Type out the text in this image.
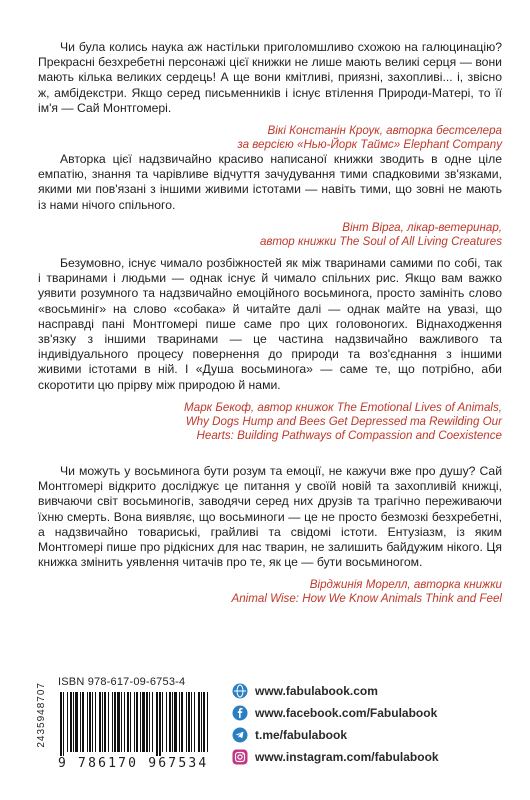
Чи була колись наука аж настільки приголомшливо схожою на галюцинацію? Прекрасні безхребетні персонажі цієї книжки не лише мають великі серця — вони мають кілька великих сердець! А ще вони кмітливі, приязні, захопливі... і, звісно ж, амбідекстри. Якщо серед письменників і існує втілення Природи-Матері, то її ім'я — Сай Монтгомері.

Вікі Констанін Кроук, авторка бестселера
за версією «Нью-Йорк Таймс» Elephant Company

Авторка цієї надзвичайно красиво написаної книжки зводить в одне ціле емпатію, знання та чарівливе відчуття зачудування тими спадковими зв'язками, якими ми пов'язані з іншими живими істотами — навіть тими, що зовні не мають із нами нічого спільного.

Вінт Вірга, лікар-ветеринар,
автор книжки The Soul of All Living Creatures

Безумовно, існує чимало розбіжностей як між тваринами самими по собі, так і тваринами і людьми — однак існує й чимало спільних рис. Якщо вам важко уявити розумного та надзвичайно емоційного восьминога, просто замініть слово «восьминіг» на слово «собака» й читайте далі — однак майте на увазі, що насправді пані Монтгомері пише саме про цих головоногих. Віднаходження зв'язку з іншими тваринами — це частина надзвичайно важливого та індивідуального процесу повернення до природи та воз'єднання з іншими живими істотами в ній. І «Душа восьминога» — саме те, що потрібно, аби скоротити цю прірву між природою й нами.

Марк Бекоф, автор книжок The Emotional Lives of Animals,
Why Dogs Hump and Bees Get Depressed та Rewilding Our
Hearts: Building Pathways of Compassion and Coexistence

Чи можуть у восьминога бути розум та емоції, не кажучи вже про душу? Сай Монтгомері відкрито досліджує це питання у своїй новій та захопливій книжці, вивчаючи світ восьминогів, заводячи серед них друзів та трагічно переживаючи їхню смерть. Вона виявляє, що восьминоги — це не просто безмозкі безхребетні, а надзвичайно товариські, грайливі та свідомі істоти. Ентузіазм, із яким Монтгомері пише про рідкісних для нас тварин, не залишить байдужим нікого. Ця книжка змінить уявлення читачів про те, як це — бути восьминогом.

Вірджинія Морелл, авторка книжки
Animal Wise: How We Know Animals Think and Feel
ISBN 978-617-09-6753-4
2435948707
9 786170 967534
www.fabulabook.com
www.facebook.com/Fabulabook
t.me/fabulabook
www.instagram.com/fabulabook
